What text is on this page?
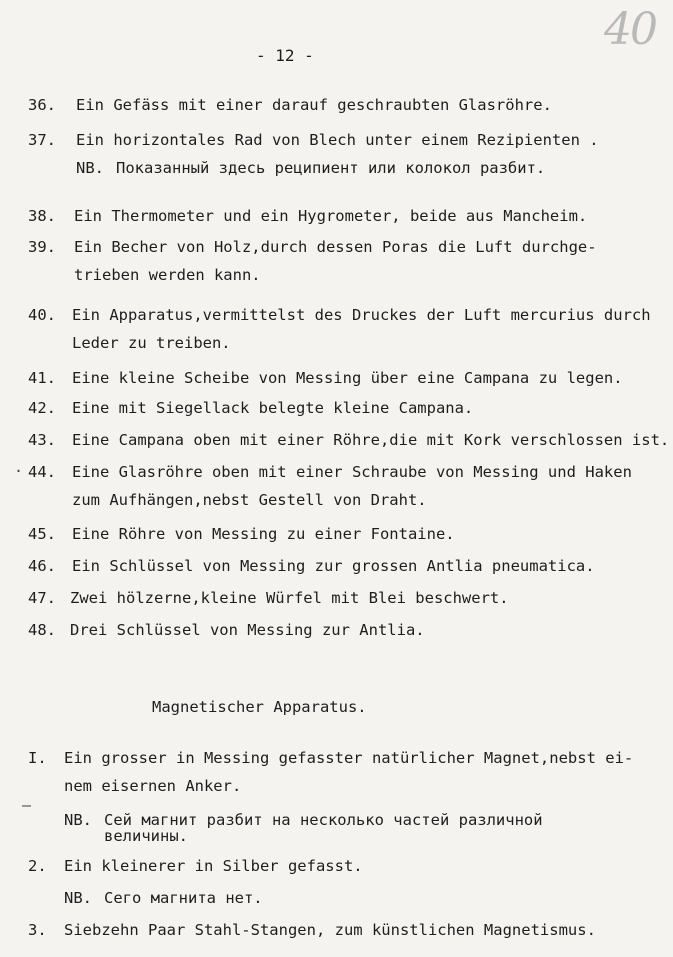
40
- 12 -
36. Ein Gefäss mit einer darauf geschraubten Glasröhre.
37. Ein horizontales Rad von Blech unter einem Rezipienten .
NB. Показанный здесь реципиент или колокол разбит.
38. Ein Thermometer und ein Hygrometer, beide aus Mancheim.
39. Ein Becher von Holz,durch dessen Poras die Luft durchge-
trieben werden kann.
40. Ein Apparatus,vermittelst des Druckes der Luft mercurius durch
Leder zu treiben.
41. Eine kleine Scheibe von Messing über eine Campana zu legen.
42. Eine mit Siegellack belegte kleine Campana.
43. Eine Campana oben mit einer Röhre,die mit Kork verschlossen ist.
· 44. Eine Glasröhre oben mit einer Schraube von Messing und Haken
zum Aufhängen,nebst Gestell von Draht.
45. Eine Röhre von Messing zu einer Fontaine.
46. Ein Schlüssel von Messing zur grossen Antlia pneumatica.
47. Zwei hölzerne,kleine Würfel mit Blei beschwert.
48. Drei Schlüssel von Messing zur Antlia.
Magnetischer Apparatus.
I. Ein grosser in Messing gefasster natürlicher Magnet,nebst ei-
nem eisernen Anker.
–
NB. Сей магнит разбит на несколько частей различной величины.
2. Ein kleinerer in Silber gefasst.
NB. Сего магнита нет.
3. Siebzehn Paar Stahl-Stangen, zum künstlichen Magnetismus.
